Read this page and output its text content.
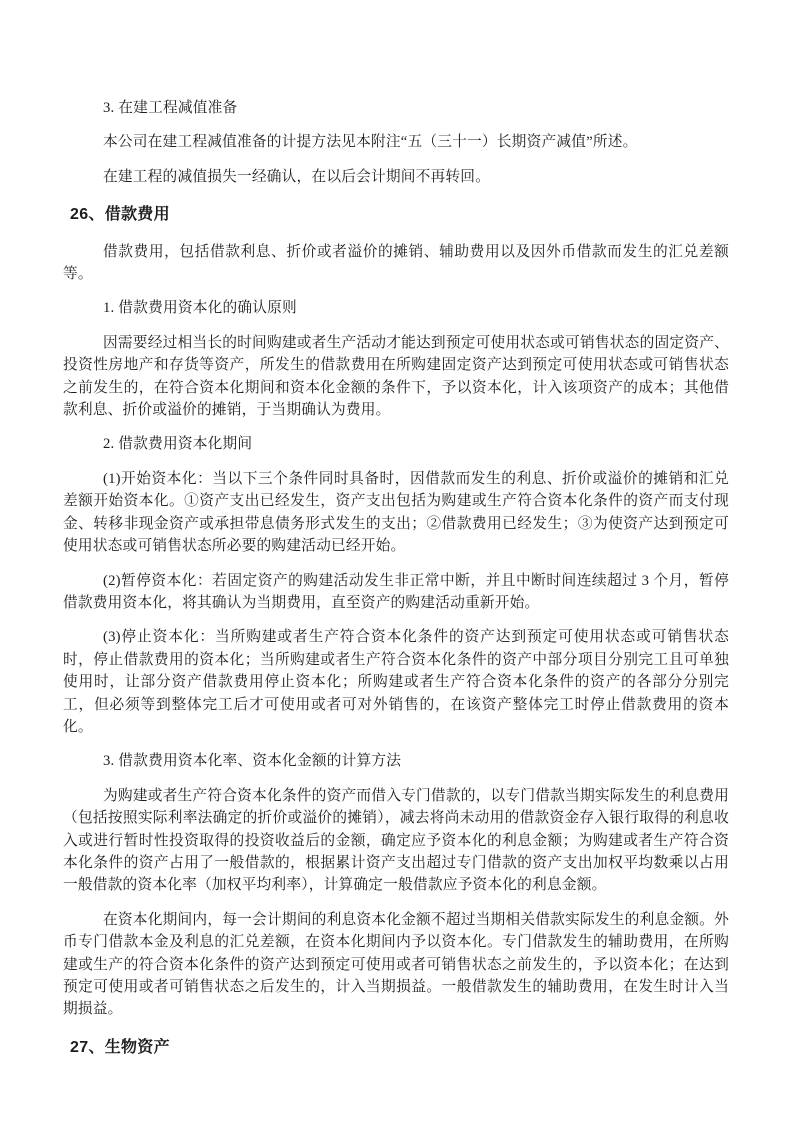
3. 在建工程减值准备

本公司在建工程减值准备的计提方法见本附注“五（三十一）长期资产减值”所述。

在建工程的减值损失一经确认，在以后会计期间不再转回。

26、借款费用

借款费用，包括借款利息、折价或者溢价的摊销、辅助费用以及因外币借款而发生的汇兑差额等。

1. 借款费用资本化的确认原则

因需要经过相当长的时间购建或者生产活动才能达到预定可使用状态或可销售状态的固定资产、投资性房地产和存货等资产，所发生的借款费用在所购建固定资产达到预定可使用状态或可销售状态之前发生的，在符合资本化期间和资本化金额的条件下，予以资本化，计入该项资产的成本；其他借款利息、折价或溢价的摊销，于当期确认为费用。

2. 借款费用资本化期间

(1)开始资本化：当以下三个条件同时具备时，因借款而发生的利息、折价或溢价的摊销和汇兑差额开始资本化。①资产支出已经发生，资产支出包括为购建或生产符合资本化条件的资产而支付现金、转移非现金资产或承担带息债务形式发生的支出；②借款费用已经发生；③为使资产达到预定可使用状态或可销售状态所必要的购建活动已经开始。

(2)暂停资本化：若固定资产的购建活动发生非正常中断，并且中断时间连续超过 3 个月，暂停借款费用资本化，将其确认为当期费用，直至资产的购建活动重新开始。

(3)停止资本化：当所购建或者生产符合资本化条件的资产达到预定可使用状态或可销售状态时，停止借款费用的资本化；当所购建或者生产符合资本化条件的资产中部分项目分别完工且可单独使用时，让部分资产借款费用停止资本化；所购建或者生产符合资本化条件的资产的各部分分别完工，但必须等到整体完工后才可使用或者可对外销售的，在该资产整体完工时停止借款费用的资本化。

3. 借款费用资本化率、资本化金额的计算方法

为购建或者生产符合资本化条件的资产而借入专门借款的，以专门借款当期实际发生的利息费用（包括按照实际利率法确定的折价或溢价的摊销），减去将尚未动用的借款资金存入银行取得的利息收入或进行暂时性投资取得的投资收益后的金额，确定应予资本化的利息金额；为购建或者生产符合资本化条件的资产占用了一般借款的，根据累计资产支出超过专门借款的资产支出加权平均数乘以占用一般借款的资本化率（加权平均利率），计算确定一般借款应予资本化的利息金额。

在资本化期间内，每一会计期间的利息资本化金额不超过当期相关借款实际发生的利息金额。外币专门借款本金及利息的汇兑差额，在资本化期间内予以资本化。专门借款发生的辅助费用，在所购建或生产的符合资本化条件的资产达到预定可使用或者可销售状态之前发生的，予以资本化；在达到预定可使用或者可销售状态之后发生的，计入当期损益。一般借款发生的辅助费用，在发生时计入当期损益。

27、生物资产
